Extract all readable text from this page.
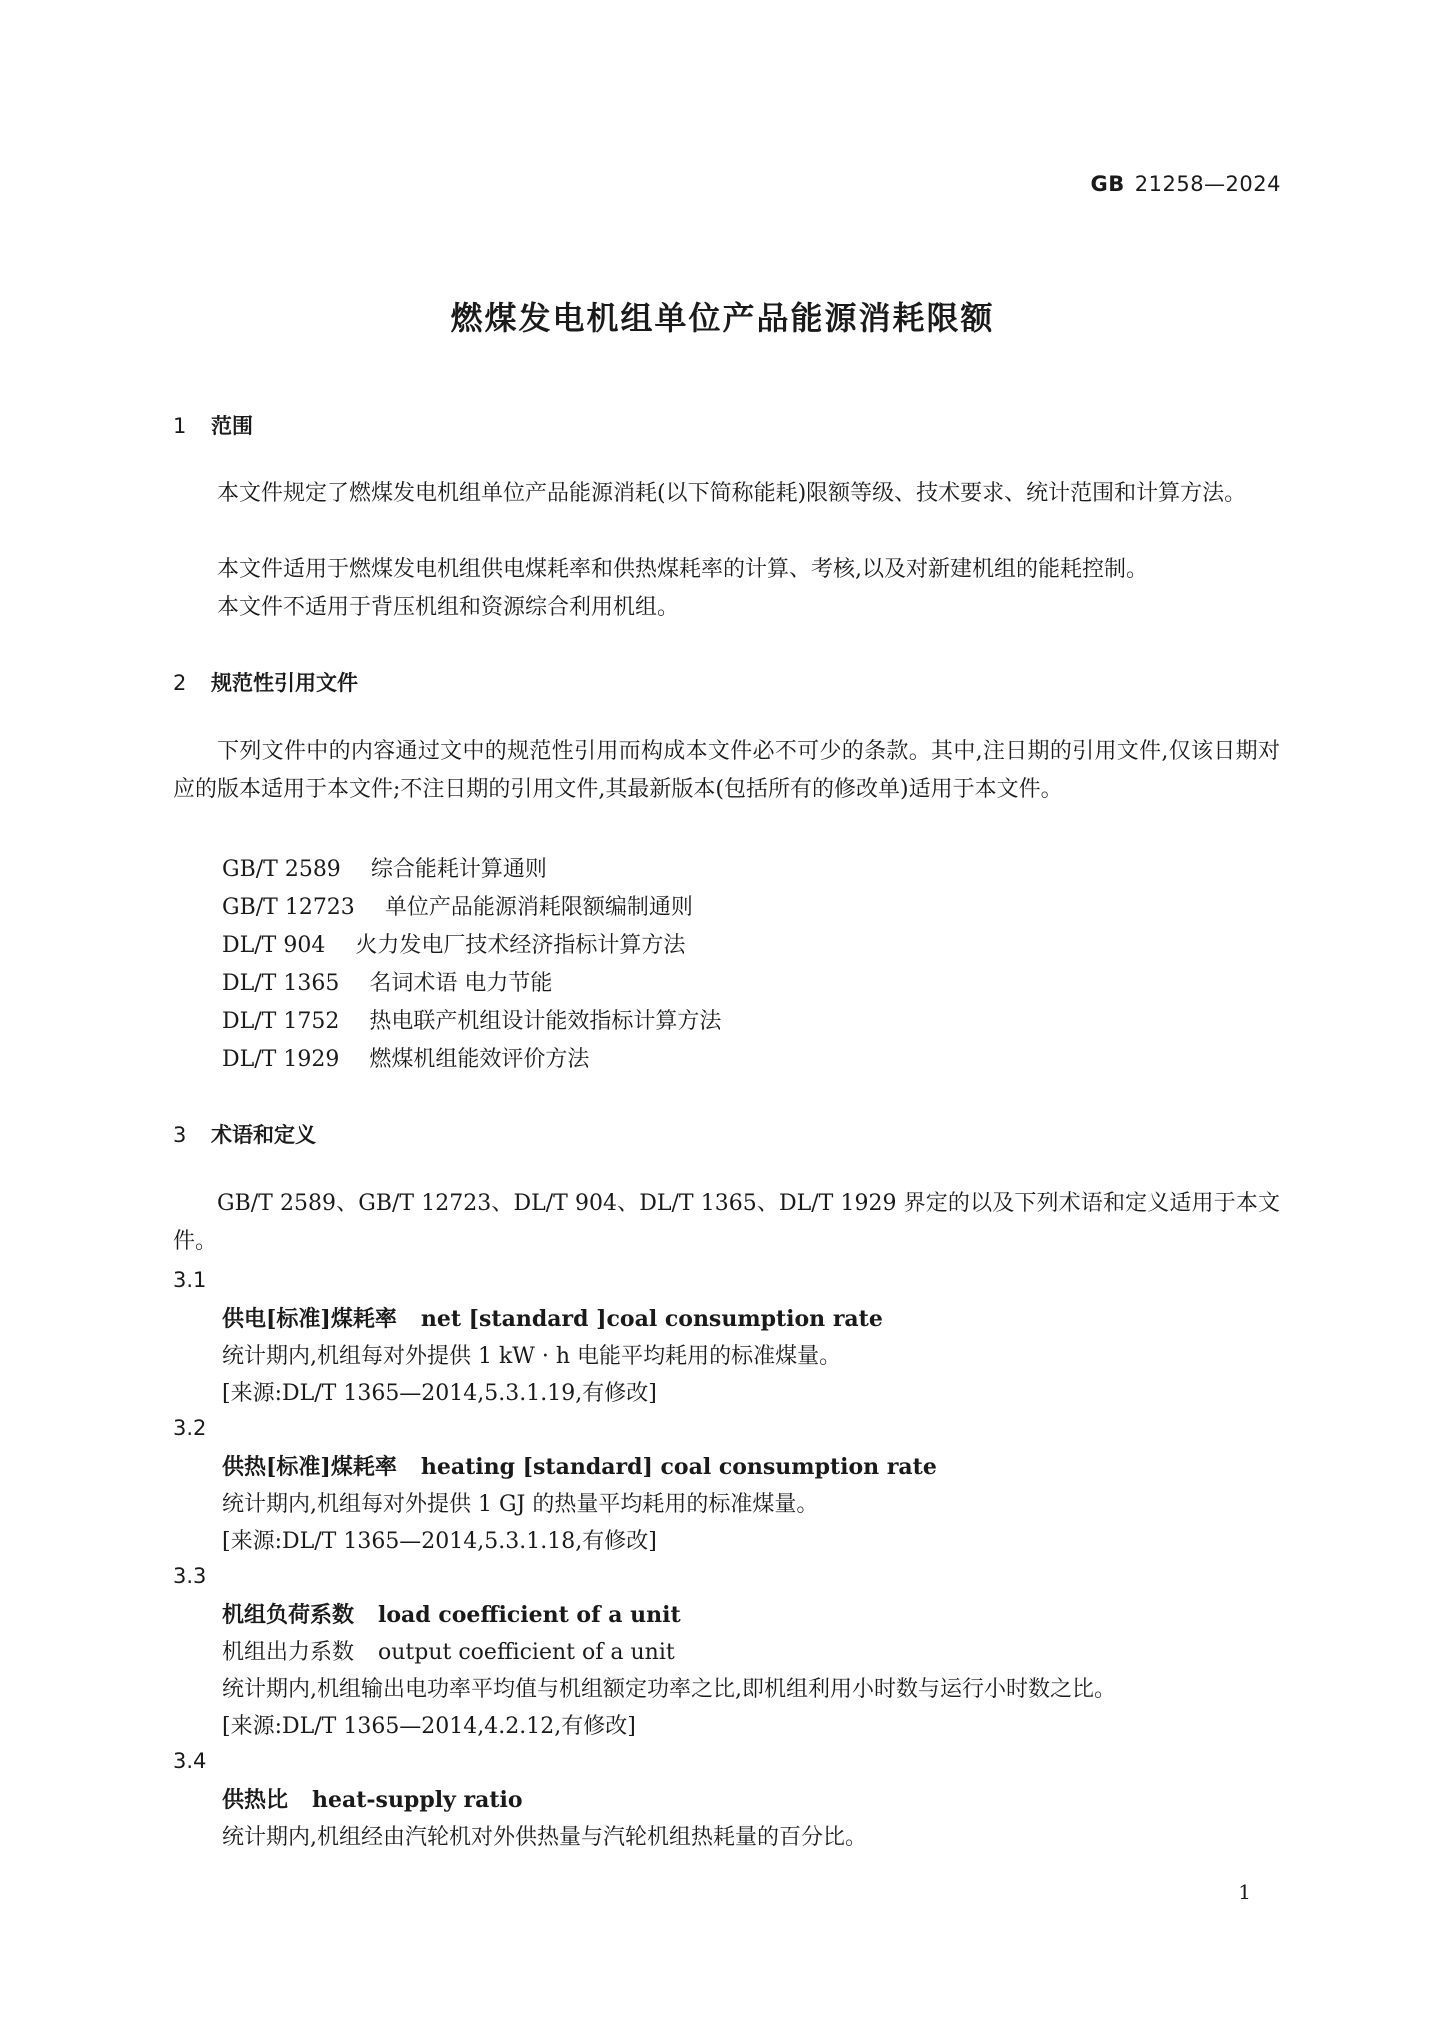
GB 21258—2024
燃煤发电机组单位产品能源消耗限额
1 范围
本文件规定了燃煤发电机组单位产品能源消耗(以下简称能耗)限额等级、技术要求、统计范围和计算方法。
本文件适用于燃煤发电机组供电煤耗率和供热煤耗率的计算、考核,以及对新建机组的能耗控制。
本文件不适用于背压机组和资源综合利用机组。
2 规范性引用文件
下列文件中的内容通过文中的规范性引用而构成本文件必不可少的条款。其中,注日期的引用文件,仅该日期对应的版本适用于本文件;不注日期的引用文件,其最新版本(包括所有的修改单)适用于本文件。
GB/T 2589 综合能耗计算通则
GB/T 12723 单位产品能源消耗限额编制通则
DL/T 904 火力发电厂技术经济指标计算方法
DL/T 1365 名词术语 电力节能
DL/T 1752 热电联产机组设计能效指标计算方法
DL/T 1929 燃煤机组能效评价方法
3 术语和定义
GB/T 2589、GB/T 12723、DL/T 904、DL/T 1365、DL/T 1929 界定的以及下列术语和定义适用于本文件。
3.1
供电[标准]煤耗率 net [standard ]coal consumption rate
统计期内,机组每对外提供 1 kW · h 电能平均耗用的标准煤量。
[来源:DL/T 1365—2014,5.3.1.19,有修改]
3.2
供热[标准]煤耗率 heating [standard] coal consumption rate
统计期内,机组每对外提供 1 GJ 的热量平均耗用的标准煤量。
[来源:DL/T 1365—2014,5.3.1.18,有修改]
3.3
机组负荷系数 load coefficient of a unit
机组出力系数 output coefficient of a unit
统计期内,机组输出电功率平均值与机组额定功率之比,即机组利用小时数与运行小时数之比。
[来源:DL/T 1365—2014,4.2.12,有修改]
3.4
供热比 heat-supply ratio
统计期内,机组经由汽轮机对外供热量与汽轮机组热耗量的百分比。
1
